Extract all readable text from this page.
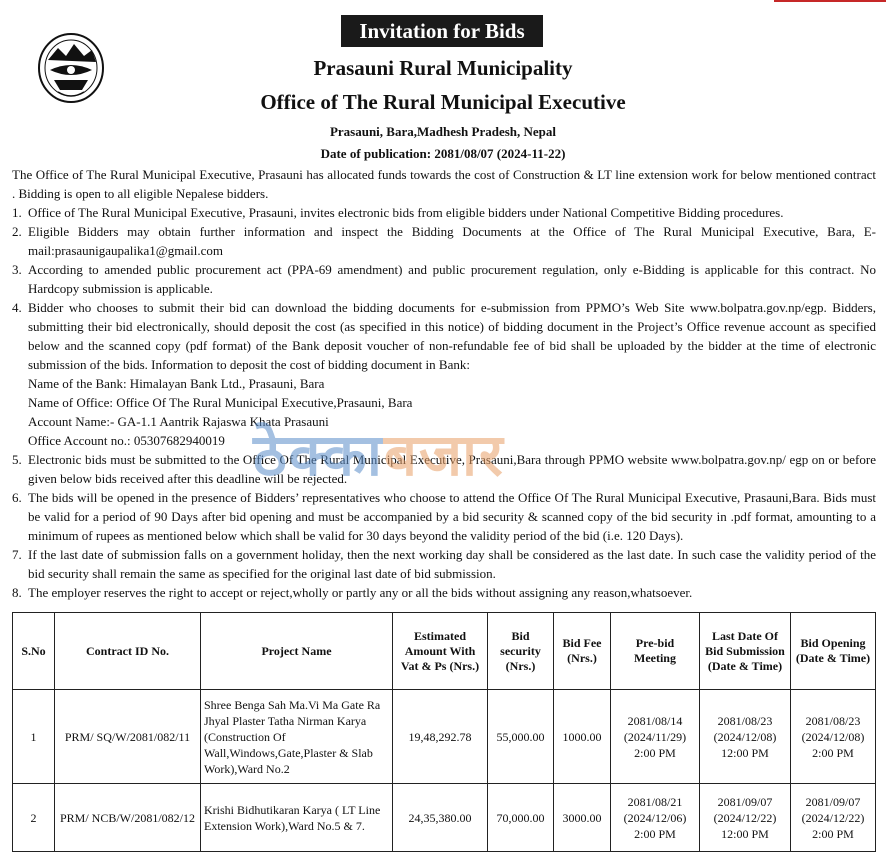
Invitation for Bids
Prasauni Rural Municipality
Office of The Rural Municipal Executive
Prasauni, Bara,Madhesh Pradesh, Nepal
Date of publication: 2081/08/07 (2024-11-22)

The Office of The Rural Municipal Executive, Prasauni has allocated funds towards the cost of Construction & LT line extension work for below mentioned contract . Bidding is open to all eligible Nepalese bidders.

1. Office of The Rural Municipal Executive, Prasauni, invites electronic bids from eligible bidders under National Competitive Bidding procedures.
2. Eligible Bidders may obtain further information and inspect the Bidding Documents at the Office of The Rural Municipal Executive, Bara, E-mail:prasaunigaupalika1@gmail.com
3. According to amended public procurement act (PPA-69 amendment) and public procurement regulation, only e-Bidding is applicable for this contract. No Hardcopy submission is applicable.
4. Bidder who chooses to submit their bid can download the bidding documents for e-submission from PPMO’s Web Site www.bolpatra.gov.np/egp. Bidders, submitting their bid electronically, should deposit the cost (as specified in this notice) of bidding document in the Project’s Office revenue account as specified below and the scanned copy (pdf format) of the Bank deposit voucher of non-refundable fee of bid shall be uploaded by the bidder at the time of electronic submission of the bids. Information to deposit the cost of bidding document in Bank:
Name of the Bank: Himalayan Bank Ltd., Prasauni, Bara
Name of Office: Office Of The Rural Municipal Executive,Prasauni, Bara
Account Name:- GA-1.1 Aantrik Rajaswa Khata Prasauni
Office Account no.: 05307682940019
5. Electronic bids must be submitted to the Office Of The Rural Municipal Executive, Prasauni,Bara through PPMO website www.bolpatra.gov.np/ egp on or before given below bids received after this deadline will be rejected.
6. The bids will be opened in the presence of Bidders’ representatives who choose to attend the Office Of The Rural Municipal Executive, Prasauni,Bara. Bids must be valid for a period of 90 Days after bid opening and must be accompanied by a bid security & scanned copy of the bid security in .pdf format, amounting to a minimum of rupees as mentioned below which shall be valid for 30 days beyond the validity period of the bid (i.e. 120 Days).
7. If the last date of submission falls on a government holiday, then the next working day shall be considered as the last date. In such case the validity period of the bid security shall remain the same as specified for the original last date of bid submission.
8. The employer reserves the right to accept or reject,wholly or partly any or all the bids without assigning any reason,whatsoever.
ठेक्काबजार
S.No	Contract ID No.	Project Name	Estimated Amount With Vat & Ps (Nrs.)	Bid security (Nrs.)	Bid Fee (Nrs.)	Pre-bid Meeting	Last Date Of Bid Submission (Date & Time)	Bid Opening (Date & Time)
1	PRM/ SQ/W/2081/082/11	Shree Benga Sah Ma.Vi Ma Gate Ra Jhyal Plaster Tatha Nirman Karya (Construction Of Wall,Windows,Gate,Plaster & Slab Work),Ward No.2	19,48,292.78	55,000.00	1000.00	2081/08/14 (2024/11/29) 2:00 PM	2081/08/23 (2024/12/08) 12:00 PM	2081/08/23 (2024/12/08) 2:00 PM
2	PRM/ NCB/W/2081/082/12	Krishi Bidhutikaran Karya ( LT Line Extension Work),Ward No.5 & 7.	24,35,380.00	70,000.00	3000.00	2081/08/21 (2024/12/06) 2:00 PM	2081/09/07 (2024/12/22) 12:00 PM	2081/09/07 (2024/12/22) 2:00 PM
